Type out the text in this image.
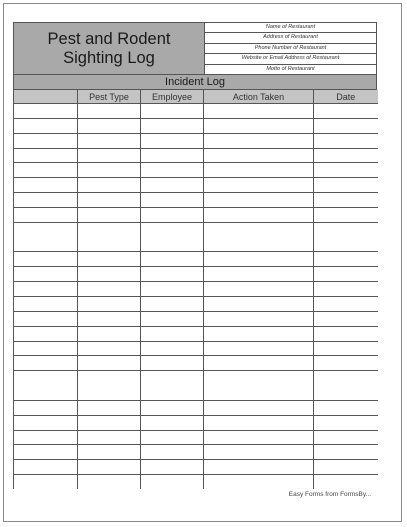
Pest and Rodent
Sighting Log
Name of Restaurant
Address of Restaurant
Phone Number of Restaurant
Website or Email Address of Restaurant
Motto of Restaurant
Incident Log
	Pest Type	Employee	Action Taken	Date

Easy Forms from FormsBy...
